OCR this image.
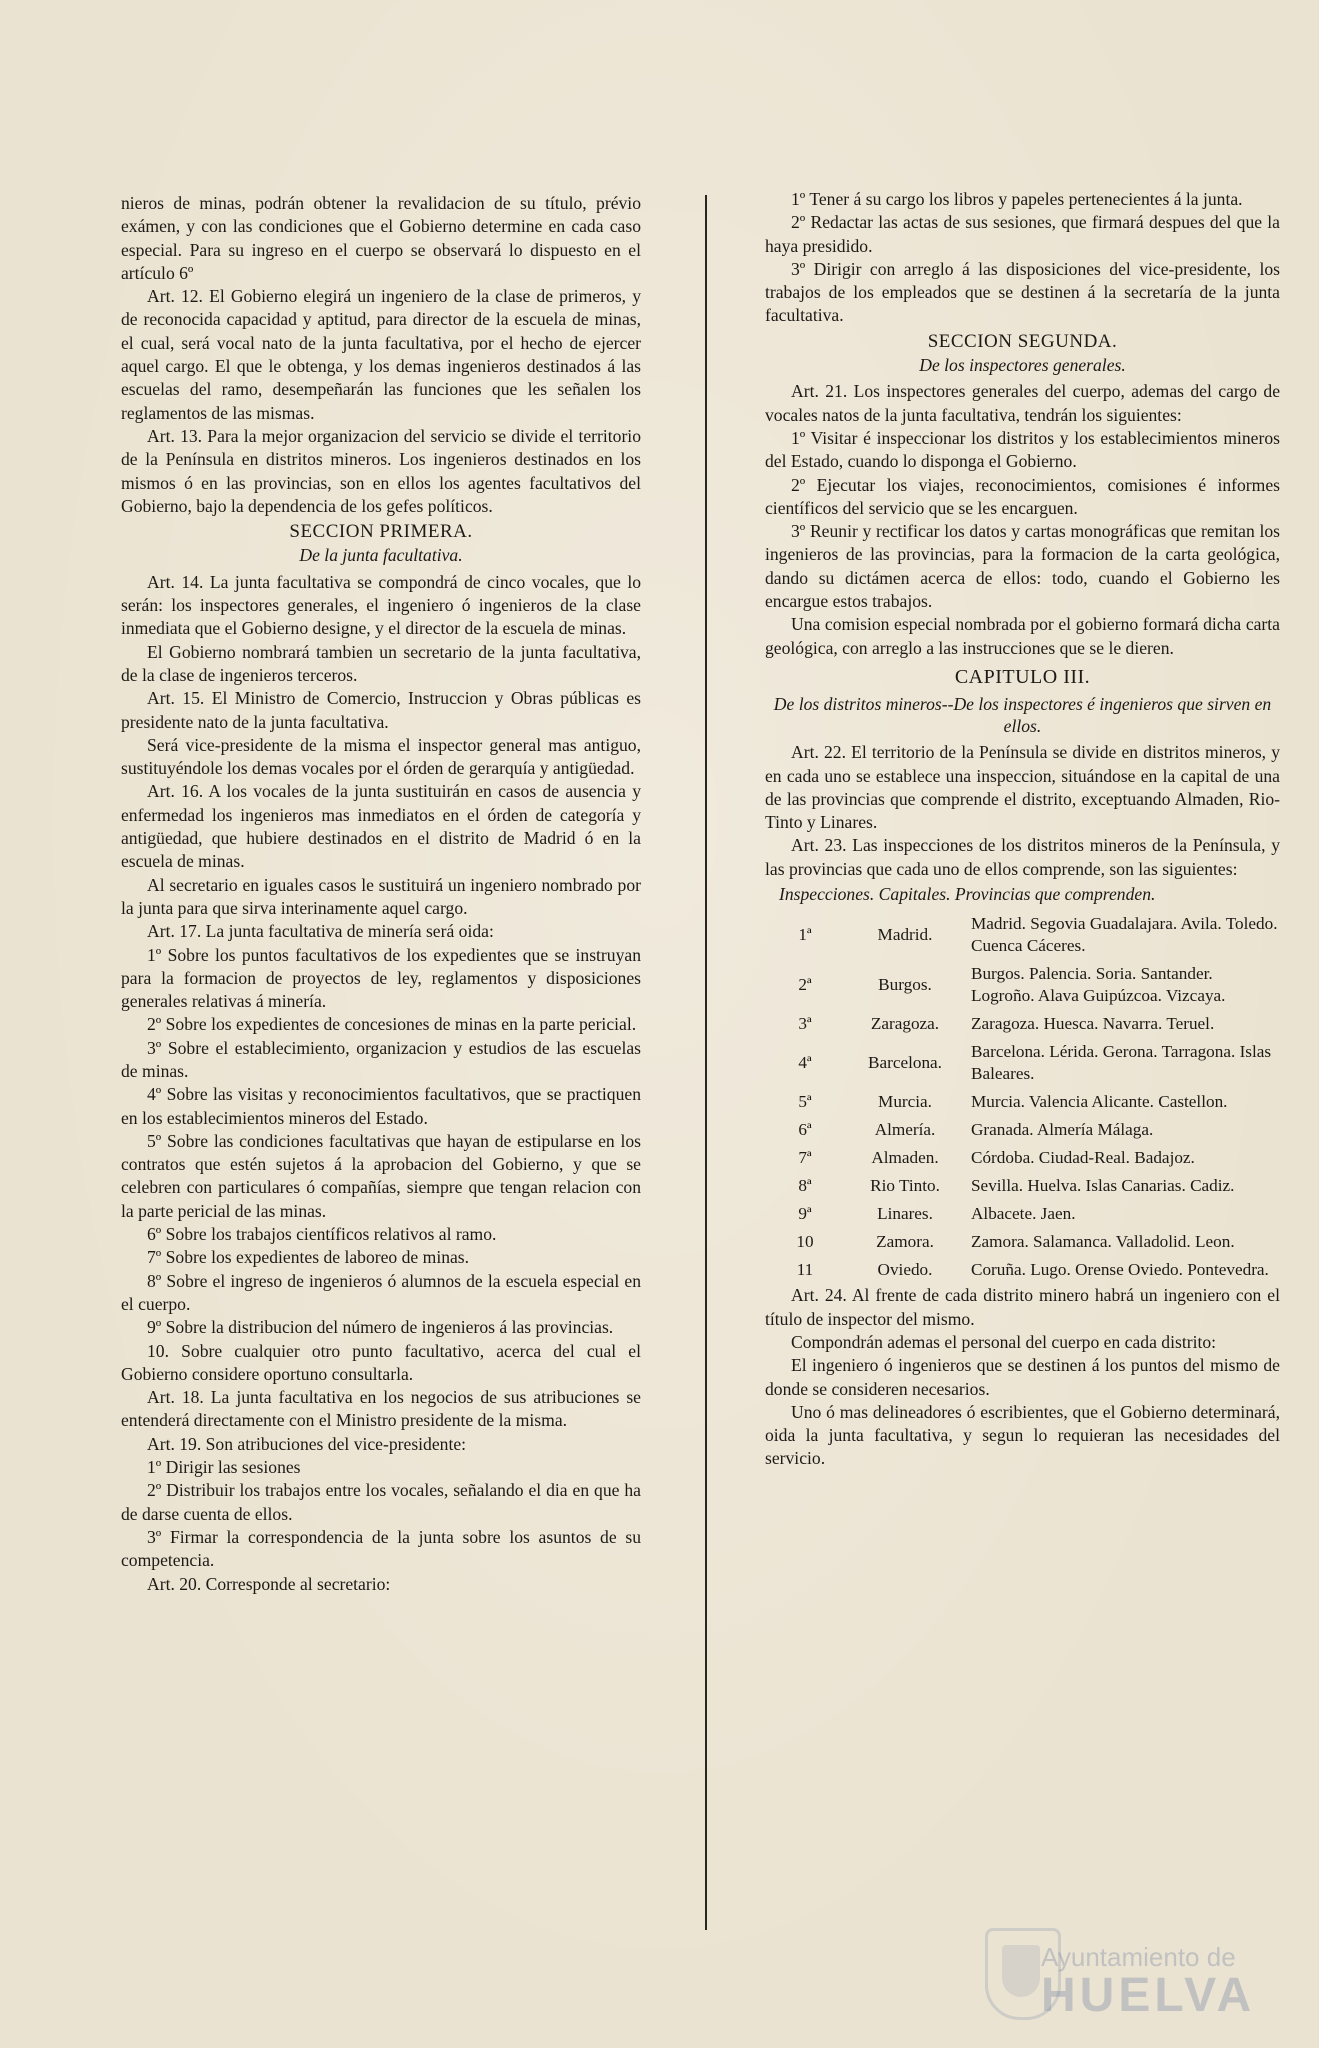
nieros de minas, podrán obtener la revalidacion de su título, prévio exámen, y con las condiciones que el Gobierno determine en cada caso especial. Para su ingreso en el cuerpo se observará lo dispuesto en el artículo 6º

Art. 12. El Gobierno elegirá un ingeniero de la clase de primeros, y de reconocida capacidad y aptitud, para director de la escuela de minas, el cual, será vocal nato de la junta facultativa, por el hecho de ejercer aquel cargo. El que le obtenga, y los demas ingenieros destinados á las escuelas del ramo, desempeñarán las funciones que les señalen los reglamentos de las mismas.

Art. 13. Para la mejor organizacion del servicio se divide el territorio de la Península en distritos mineros. Los ingenieros destinados en los mismos ó en las provincias, son en ellos los agentes facultativos del Gobierno, bajo la dependencia de los gefes políticos.

SECCION PRIMERA.
De la junta facultativa.

Art. 14. La junta facultativa se compondrá de cinco vocales, que lo serán: los inspectores generales, el ingeniero ó ingenieros de la clase inmediata que el Gobierno designe, y el director de la escuela de minas.

El Gobierno nombrará tambien un secretario de la junta facultativa, de la clase de ingenieros terceros.

Art. 15. El Ministro de Comercio, Instruccion y Obras públicas es presidente nato de la junta facultativa.

Será vice-presidente de la misma el inspector general mas antiguo, sustituyéndole los demas vocales por el órden de gerarquía y antigüedad.

Art. 16. A los vocales de la junta sustituirán en casos de ausencia y enfermedad los ingenieros mas inmediatos en el órden de categoría y antigüedad, que hubiere destinados en el distrito de Madrid ó en la escuela de minas.

Al secretario en iguales casos le sustituirá un ingeniero nombrado por la junta para que sirva interinamente aquel cargo.

Art. 17. La junta facultativa de minería será oida:

1º Sobre los puntos facultativos de los expedientes que se instruyan para la formacion de proyectos de ley, reglamentos y disposiciones generales relativas á minería.

2º Sobre los expedientes de concesiones de minas en la parte pericial.

3º Sobre el establecimiento, organizacion y estudios de las escuelas de minas.

4º Sobre las visitas y reconocimientos facultativos, que se practiquen en los establecimientos mineros del Estado.

5º Sobre las condiciones facultativas que hayan de estipularse en los contratos que estén sujetos á la aprobacion del Gobierno, y que se celebren con particulares ó compañías, siempre que tengan relacion con la parte pericial de las minas.

6º Sobre los trabajos científicos relativos al ramo.

7º Sobre los expedientes de laboreo de minas.

8º Sobre el ingreso de ingenieros ó alumnos de la escuela especial en el cuerpo.

9º Sobre la distribucion del número de ingenieros á las provincias.

10. Sobre cualquier otro punto facultativo, acerca del cual el Gobierno considere oportuno consultarla.

Art. 18. La junta facultativa en los negocios de sus atribuciones se entenderá directamente con el Ministro presidente de la misma.

Art. 19. Son atribuciones del vice-presidente:

1º Dirigir las sesiones

2º Distribuir los trabajos entre los vocales, señalando el dia en que ha de darse cuenta de ellos.

3º Firmar la correspondencia de la junta sobre los asuntos de su competencia.

Art. 20. Corresponde al secretario:

1º Tener á su cargo los libros y papeles pertenecientes á la junta.

2º Redactar las actas de sus sesiones, que firmará despues del que la haya presidido.

3º Dirigir con arreglo á las disposiciones del vice-presidente, los trabajos de los empleados que se destinen á la secretaría de la junta facultativa.

SECCION SEGUNDA.
De los inspectores generales.

Art. 21. Los inspectores generales del cuerpo, ademas del cargo de vocales natos de la junta facultativa, tendrán los siguientes:

1º Visitar é inspeccionar los distritos y los establecimientos mineros del Estado, cuando lo disponga el Gobierno.

2º Ejecutar los viajes, reconocimientos, comisiones é informes científicos del servicio que se les encarguen.

3º Reunir y rectificar los datos y cartas monográficas que remitan los ingenieros de las provincias, para la formacion de la carta geológica, dando su dictámen acerca de ellos: todo, cuando el Gobierno les encargue estos trabajos.

Una comision especial nombrada por el gobierno formará dicha carta geológica, con arreglo a las instrucciones que se le dieren.

CAPITULO III.
De los distritos mineros--De los inspectores é ingenieros que sirven en ellos.

Art. 22. El territorio de la Península se divide en distritos mineros, y en cada uno se establece una inspeccion, situándose en la capital de una de las provincias que comprende el distrito, exceptuando Almaden, Rio-Tinto y Linares.

Art. 23. Las inspecciones de los distritos mineros de la Península, y las provincias que cada uno de ellos comprende, son las siguientes:

Inspecciones. Capitales. Provincias que comprenden.

1ª	Madrid.	Madrid. Segovia Guadalajara. Avila. Toledo. Cuenca Cáceres.
2ª	Burgos.	Burgos. Palencia. Soria. Santander. Logroño. Alava Guipúzcoa. Vizcaya.
3ª	Zaragoza.	Zaragoza. Huesca. Navarra. Teruel.
4ª	Barcelona.	Barcelona. Lérida. Gerona. Tarragona. Islas Baleares.
5ª	Murcia.	Murcia. Valencia Alicante. Castellon.
6ª	Almería.	Granada. Almería Málaga.
7ª	Almaden.	Córdoba. Ciudad-Real. Badajoz.
8ª	Rio Tinto.	Sevilla. Huelva. Islas Canarias. Cadiz.
9ª	Linares.	Albacete. Jaen.
10	Zamora.	Zamora. Salamanca. Valladolid. Leon.
11	Oviedo.	Coruña. Lugo. Orense Oviedo. Pontevedra.

Art. 24. Al frente de cada distrito minero habrá un ingeniero con el título de inspector del mismo.

Compondrán ademas el personal del cuerpo en cada distrito:

El ingeniero ó ingenieros que se destinen á los puntos del mismo de donde se consideren necesarios.

Uno ó mas delineadores ó escribientes, que el Gobierno determinará, oida la junta facultativa, y segun lo requieran las necesidades del servicio.

Ayuntamiento de
HUELVA
